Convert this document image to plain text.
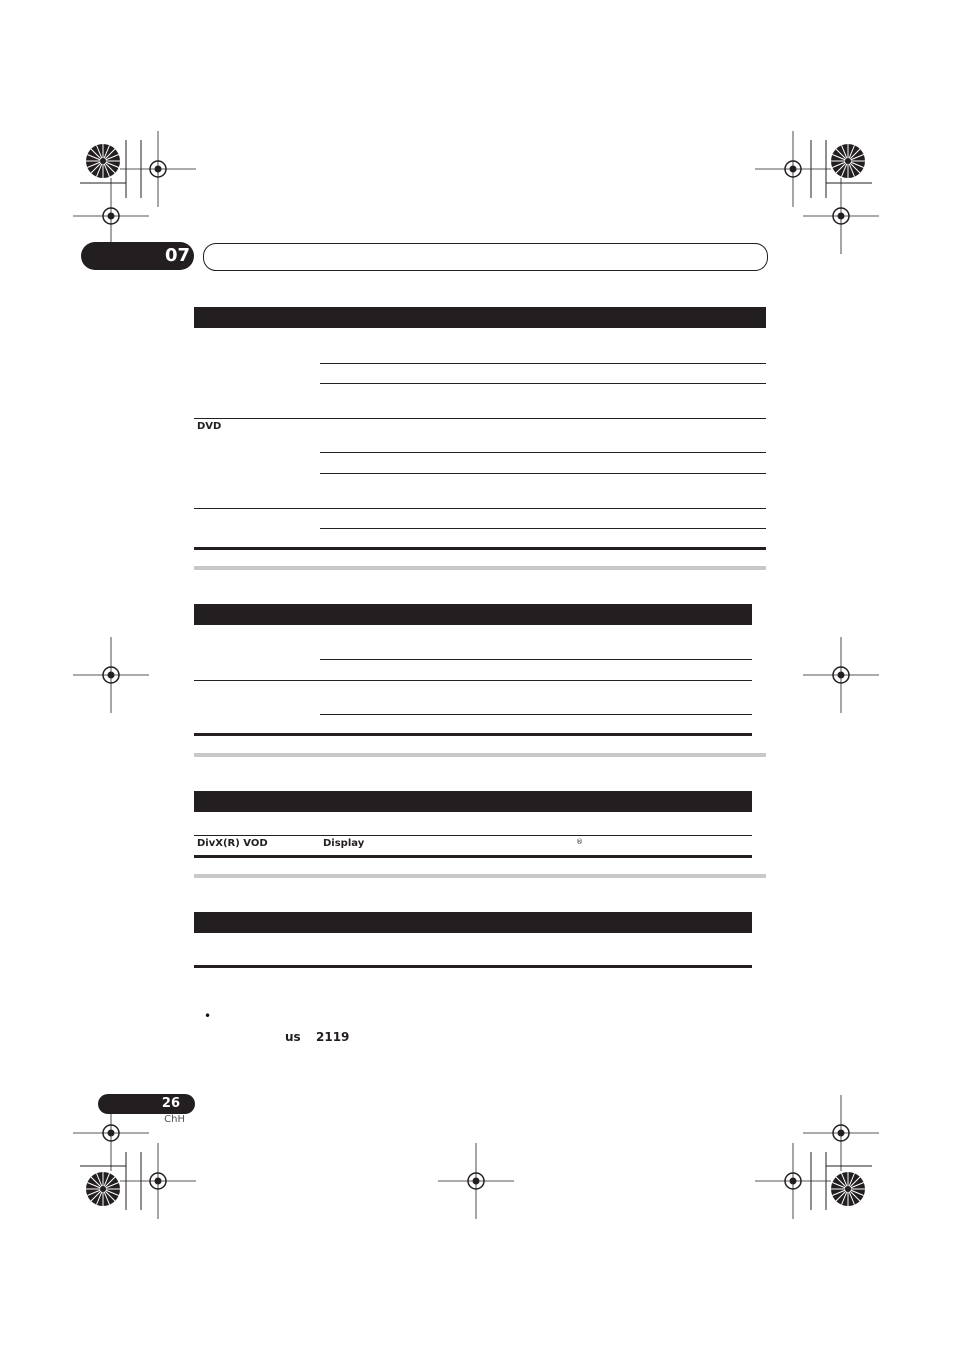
07
DVD
DivX(R) VOD	Display	®
•
us 2119
26
ChH
